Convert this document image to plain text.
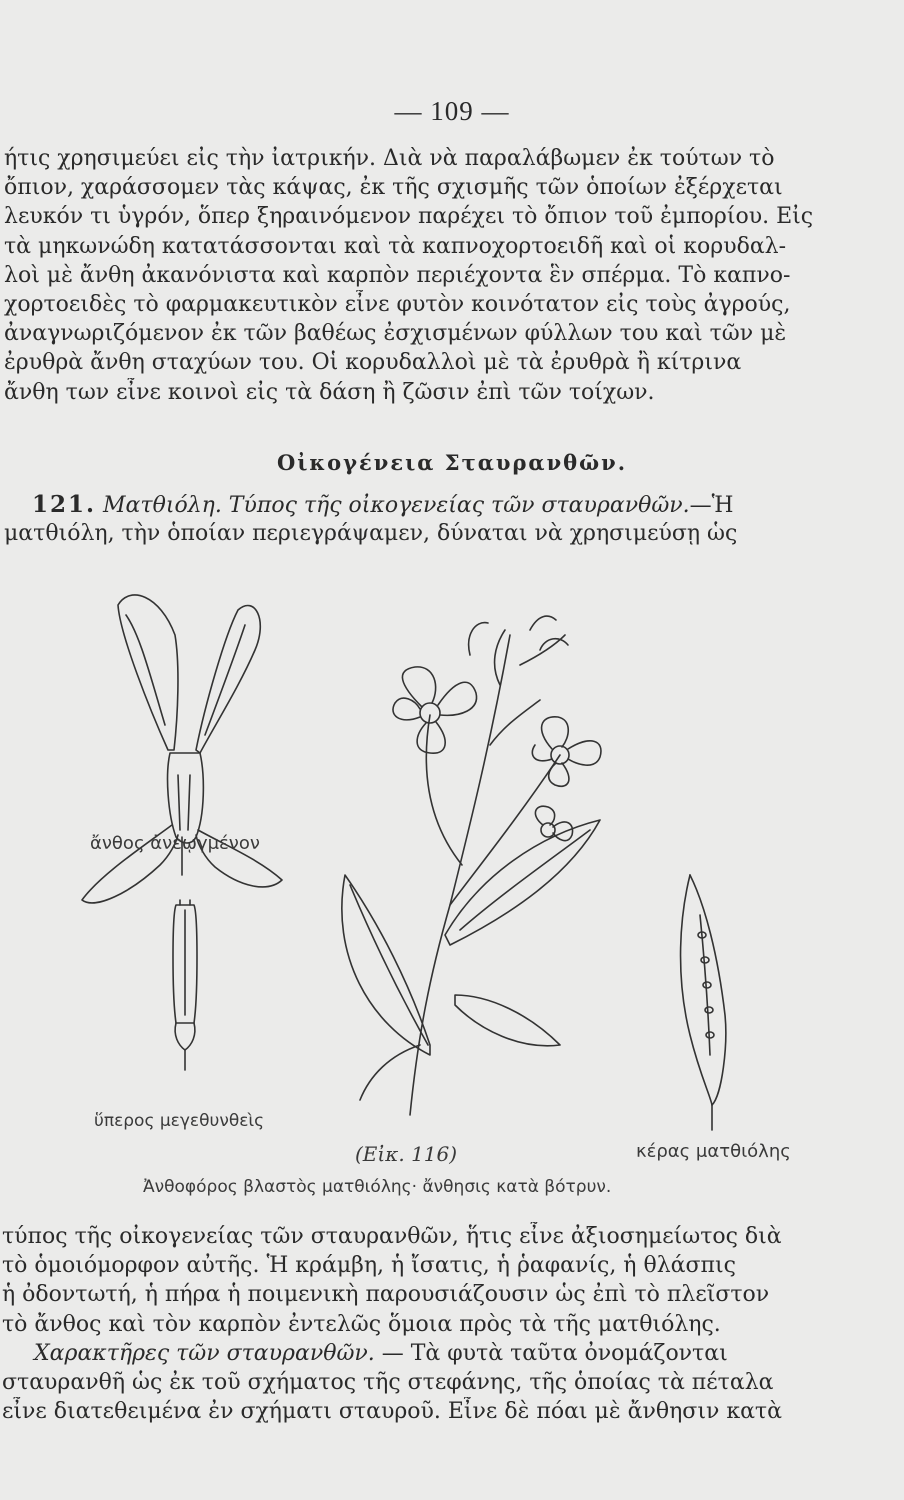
— 109 —
ήτις χρησιμεύει εἰς τὴν ἰατρικήν. Διὰ νὰ παραλάβωμεν ἐκ τούτων τὸ
ὄπιον, χαράσσομεν τὰς κάψας, ἐκ τῆς σχισμῆς τῶν ὁποίων ἐξέρχεται
λευκόν τι ὑγρόν, ὅπερ ξηραινόμενον παρέχει τὸ ὄπιον τοῦ ἐμπορίου. Εἰς
τὰ μηκωνώδη κατατάσσονται καὶ τὰ καπνοχορτοειδῆ καὶ οἱ κορυδαλ-
λοὶ μὲ ἄνθη ἀκανόνιστα καὶ καρπὸν περιέχοντα ἓν σπέρμα. Τὸ καπνο-
χορτοειδὲς τὸ φαρμακευτικὸν εἶνε φυτὸν κοινότατον εἰς τοὺς ἀγρούς,
ἀναγνωριζόμενον ἐκ τῶν βαθέως ἐσχισμένων φύλλων του καὶ τῶν μὲ
ἐρυθρὰ ἄνθη σταχύων του. Οἱ κορυδαλλοὶ μὲ τὰ ἐρυθρὰ ἢ κίτρινα
ἄνθη των εἶνε κοινοὶ εἰς τὰ δάση ἢ ζῶσιν ἐπὶ τῶν τοίχων.
Οἰκογένεια Σταυρανθῶν.
121. Ματθιόλη. Τύπος τῆς οἰκογενείας τῶν σταυρανθῶν.—Ἡ
ματθιόλη, τὴν ὁποίαν περιεγράψαμεν, δύναται νὰ χρησιμεύσῃ ὡς
ἄνθος ἀνεῳγμένον
ὕπερος μεγεθυνθεὶς
(Εἰκ. 116)	κέρας ματθιόλης
Ἀνθοφόρος βλαστὸς ματθιόλης· ἄνθησις κατὰ βότρυν.
τύπος τῆς οἰκογενείας τῶν σταυρανθῶν, ἥτις εἶνε ἀξιοσημείωτος διὰ
τὸ ὁμοιόμορφον αὐτῆς. Ἡ κράμβη, ἡ ἴσατις, ἡ ῥαφανίς, ἡ θλάσπις
ἡ ὀδοντωτή, ἡ πήρα ἡ ποιμενικὴ παρουσιάζουσιν ὡς ἐπὶ τὸ πλεῖστον
τὸ ἄνθος καὶ τὸν καρπὸν ἐντελῶς ὅμοια πρὸς τὰ τῆς ματθιόλης.
Χαρακτῆρες τῶν σταυρανθῶν. — Τὰ φυτὰ ταῦτα ὀνομάζονται
σταυρανθῆ ὡς ἐκ τοῦ σχήματος τῆς στεφάνης, τῆς ὁποίας τὰ πέταλα
εἶνε διατεθειμένα ἐν σχήματι σταυροῦ. Εἶνε δὲ πόαι μὲ ἄνθησιν κατὰ
